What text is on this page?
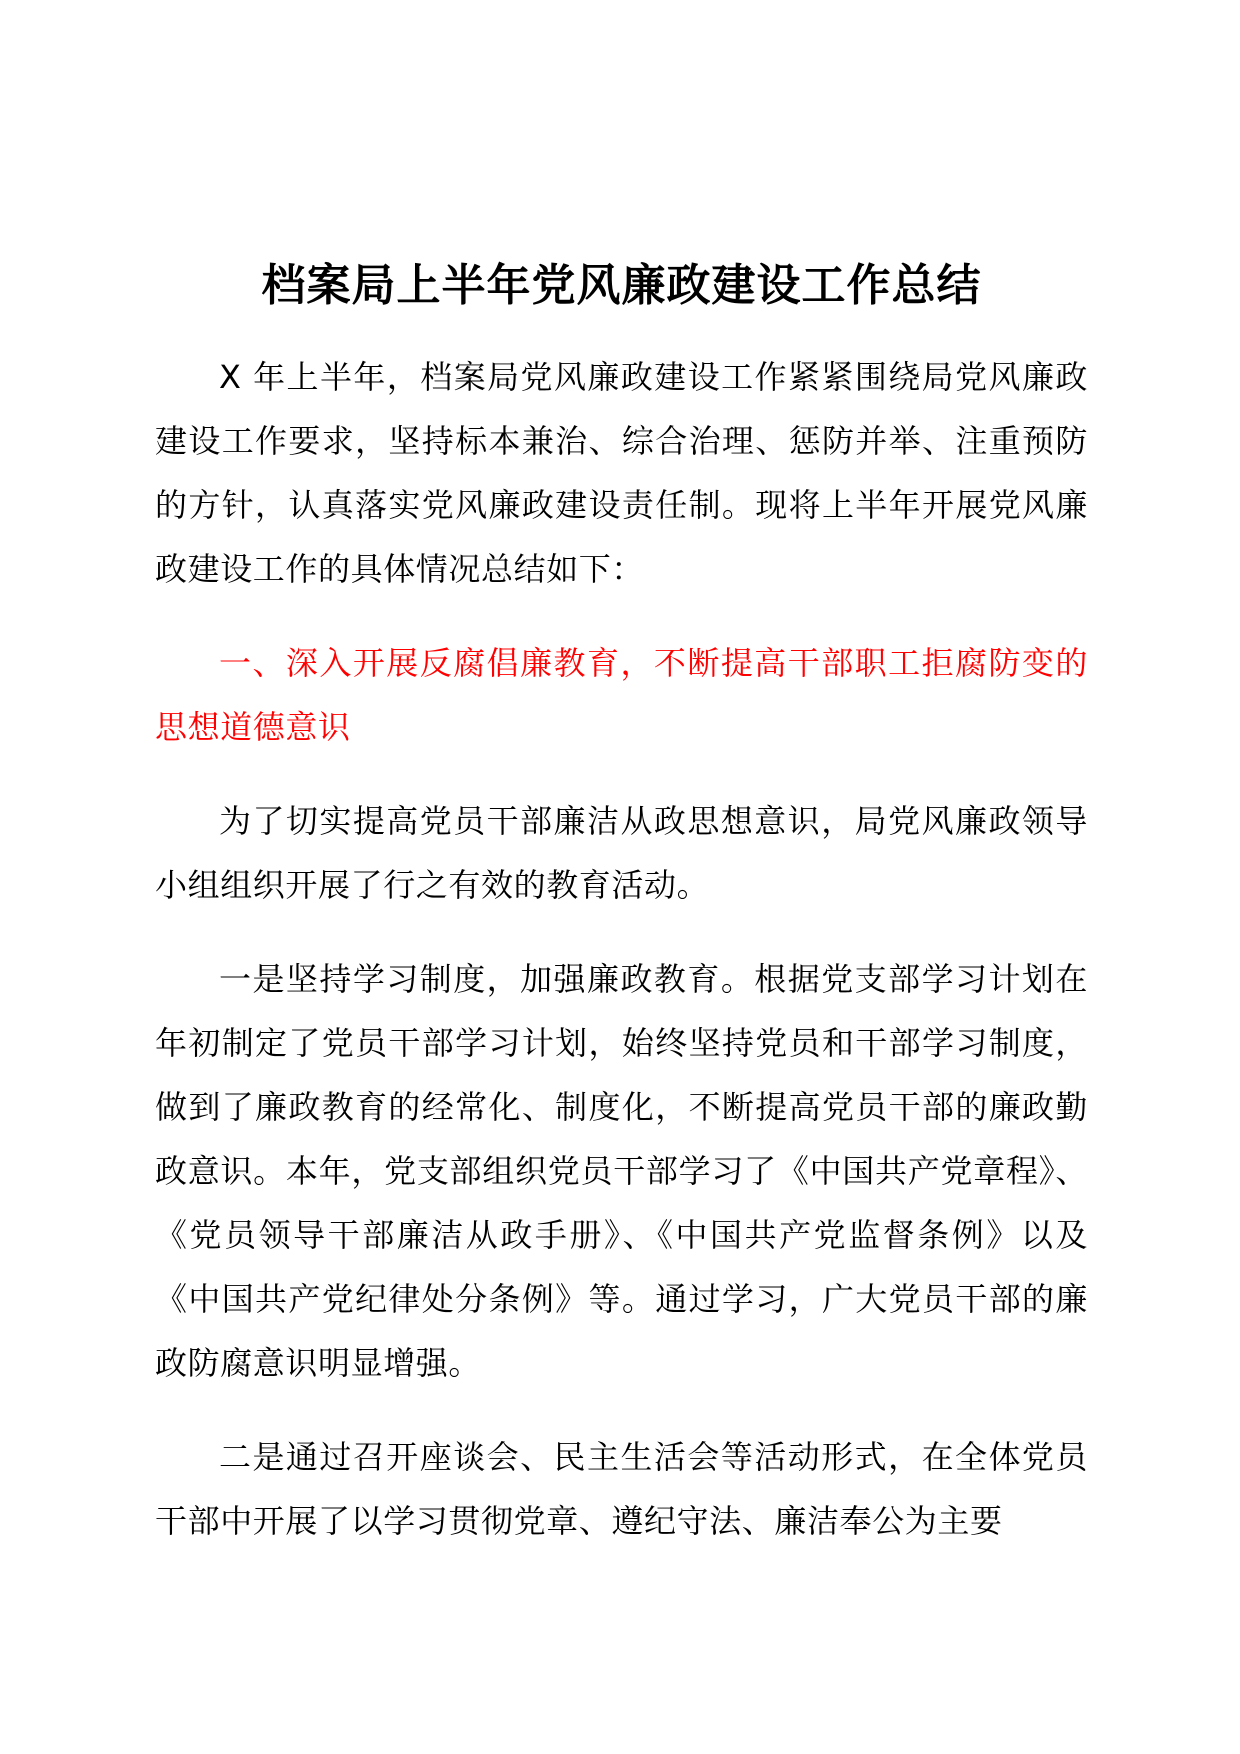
档案局上半年党风廉政建设工作总结

X 年上半年，档案局党风廉政建设工作紧紧围绕局党风廉政建设工作要求，坚持标本兼治、综合治理、惩防并举、注重预防的方针，认真落实党风廉政建设责任制。现将上半年开展党风廉政建设工作的具体情况总结如下：

一、深入开展反腐倡廉教育，不断提高干部职工拒腐防变的思想道德意识

为了切实提高党员干部廉洁从政思想意识，局党风廉政领导小组组织开展了行之有效的教育活动。

一是坚持学习制度，加强廉政教育。根据党支部学习计划在年初制定了党员干部学习计划，始终坚持党员和干部学习制度，做到了廉政教育的经常化、制度化，不断提高党员干部的廉政勤政意识。本年，党支部组织党员干部学习了《中国共产党章程》、《党员领导干部廉洁从政手册》、《中国共产党监督条例》以及《中国共产党纪律处分条例》等。通过学习，广大党员干部的廉政防腐意识明显增强。

二是通过召开座谈会、民主生活会等活动形式，在全体党员干部中开展了以学习贯彻党章、遵纪守法、廉洁奉公为主要
